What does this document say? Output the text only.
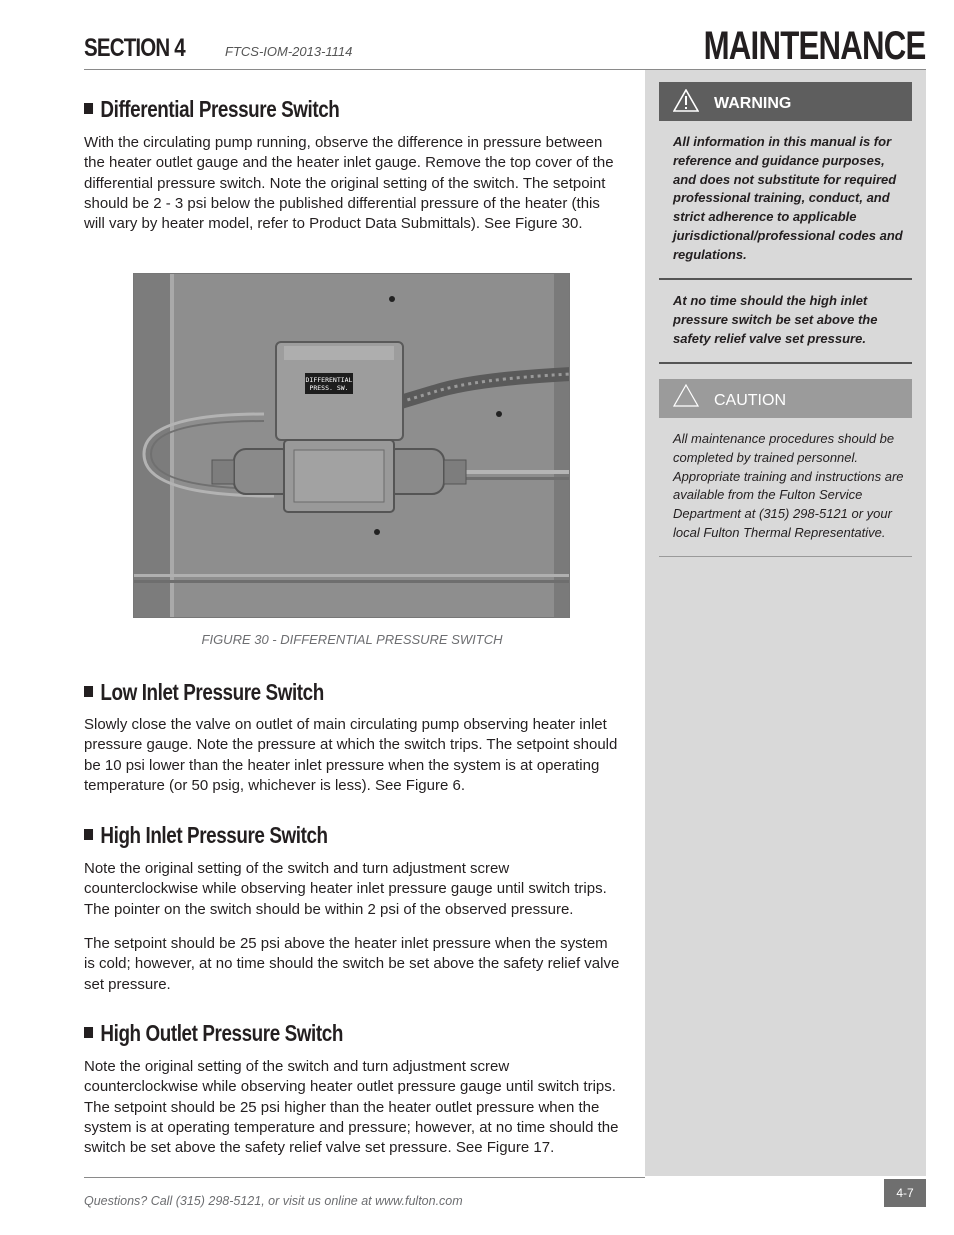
SECTION 4	FTCS-IOM-2013-1114	MAINTENANCE
WARNING
All information in this manual is for reference and guidance purposes, and does not substitute for required professional training, conduct, and strict adherence to applicable jurisdictional/professional codes and regulations.
At no time should the high inlet pressure switch be set above the safety relief valve set pressure.
CAUTION
All maintenance procedures should be completed by trained personnel. Appropriate training and instructions are available from the Fulton Service Department at (315) 298-5121 or your local Fulton Thermal Representative.
Differential Pressure Switch
With the circulating pump running, observe the difference in pressure between the heater outlet gauge and the heater inlet gauge. Remove the top cover of the differential pressure switch. Note the original setting of the switch. The setpoint should be 2 - 3 psi below the published differential pressure of the heater (this will vary by heater model, refer to Product Data Submittals). See Figure 30.
Low Inlet Pressure Switch
Slowly close the valve on outlet of main circulating pump observing heater inlet pressure gauge. Note the pressure at which the switch trips. The setpoint should be 10 psi lower than the heater inlet pressure when the system is at operating temperature (or 50 psig, whichever is less). See Figure 6.
High Inlet Pressure Switch
Note the original setting of the switch and turn adjustment screw counterclockwise while observing heater inlet pressure gauge until switch trips. The pointer on the switch should be within 2 psi of the observed pressure.
The setpoint should be 25 psi above the heater inlet pressure when the system is cold; however, at no time should the switch be set above the safety relief valve set pressure.
High Outlet Pressure Switch
Note the original setting of the switch and turn adjustment screw counterclockwise while observing heater outlet pressure gauge until switch trips. The setpoint should be 25 psi higher than the heater outlet pressure when the system is at operating temperature and pressure; however, at no time should the switch be set above the safety relief valve set pressure. See Figure 17.
DIFFERENTIAL
PRESS. SW.
FIGURE 30 - DIFFERENTIAL PRESSURE SWITCH
Questions? Call (315) 298-5121, or visit us online at www.fulton.com
4-7
